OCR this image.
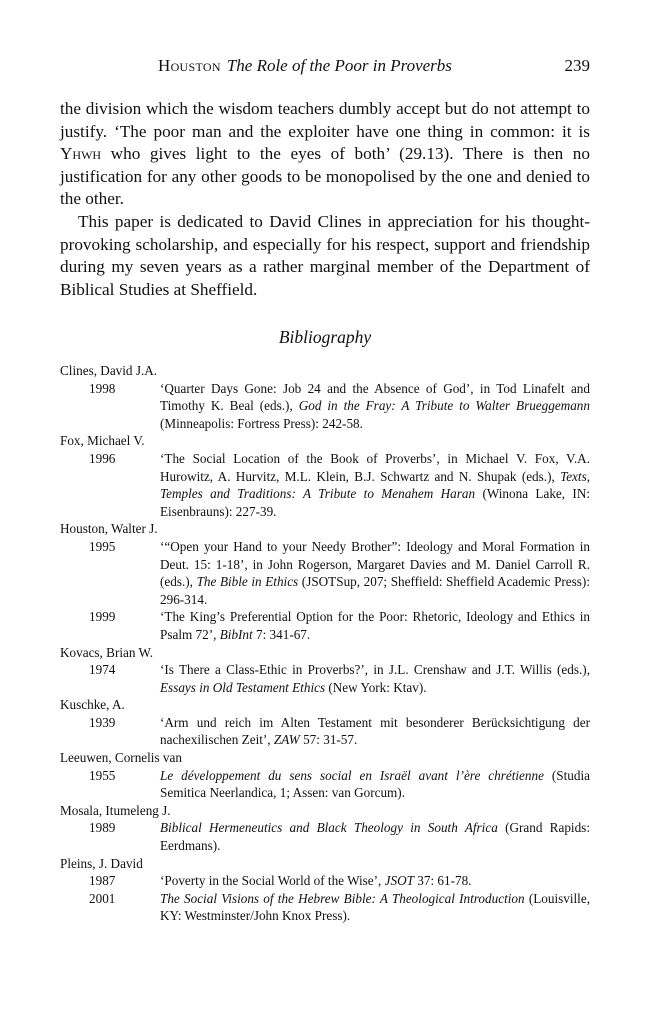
Houston The Role of the Poor in Proverbs	239

the division which the wisdom teachers dumbly accept but do not attempt to justify. ‘The poor man and the exploiter have one thing in common: it is Yhwh who gives light to the eyes of both’ (29.13). There is then no justification for any other goods to be monopolised by the one and denied to the other.

This paper is dedicated to David Clines in appreciation for his thought-provoking scholarship, and especially for his respect, support and friendship during my seven years as a rather marginal member of the Department of Biblical Studies at Sheffield.

Bibliography
Clines, David J.A.
1998	‘Quarter Days Gone: Job 24 and the Absence of God’, in Tod Linafelt and Timothy K. Beal (eds.), God in the Fray: A Tribute to Walter Brueggemann (Minneapolis: Fortress Press): 242-58.
Fox, Michael V.
1996	‘The Social Location of the Book of Proverbs’, in Michael V. Fox, V.A. Hurowitz, A. Hurvitz, M.L. Klein, B.J. Schwartz and N. Shupak (eds.), Texts, Temples and Traditions: A Tribute to Menahem Haran (Winona Lake, IN: Eisenbrauns): 227-39.
Houston, Walter J.
1995	‘“Open your Hand to your Needy Brother”: Ideology and Moral Formation in Deut. 15: 1-18’, in John Rogerson, Margaret Davies and M. Daniel Carroll R. (eds.), The Bible in Ethics (JSOTSup, 207; Sheffield: Sheffield Academic Press): 296-314.
1999	‘The King’s Preferential Option for the Poor: Rhetoric, Ideology and Ethics in Psalm 72’, BibInt 7: 341-67.
Kovacs, Brian W.
1974	‘Is There a Class-Ethic in Proverbs?’, in J.L. Crenshaw and J.T. Willis (eds.), Essays in Old Testament Ethics (New York: Ktav).
Kuschke, A.
1939	‘Arm und reich im Alten Testament mit besonderer Berücksichtigung der nachexilischen Zeit’, ZAW 57: 31-57.
Leeuwen, Cornelis van
1955	Le développement du sens social en Israël avant l’ère chrétienne (Studia Semitica Neerlandica, 1; Assen: van Gorcum).
Mosala, Itumeleng J.
1989	Biblical Hermeneutics and Black Theology in South Africa (Grand Rapids: Eerdmans).
Pleins, J. David
1987	‘Poverty in the Social World of the Wise’, JSOT 37: 61-78.
2001	The Social Visions of the Hebrew Bible: A Theological Introduction (Louisville, KY: Westminster/John Knox Press).
